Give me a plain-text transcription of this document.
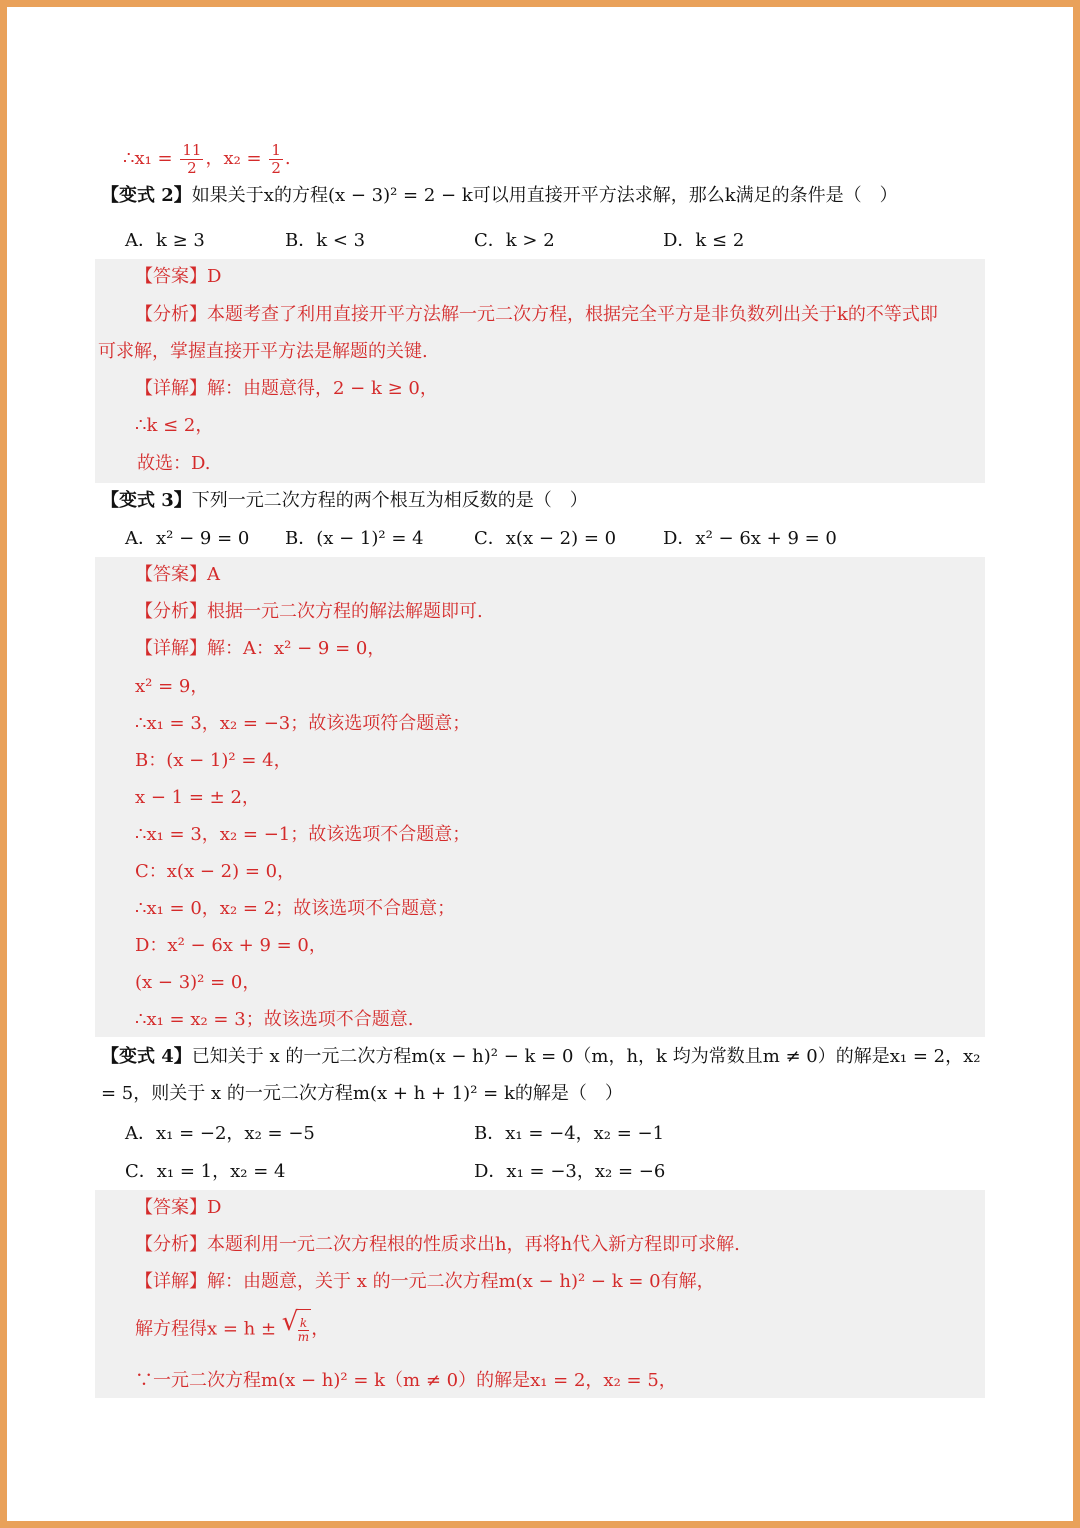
∴x₁ = $\frac{11}{2}$ ，$x_2 = \frac{1}{2}$ .
【变式 2】如果关于x的方程(x − 3)² = 2 − k可以用直接开平方法求解，那么k满足的条件是（　）
A．k ≥ 3	B．k < 3	C．k > 2	D．k ≤ 2
【答案】D
【分析】本题考查了利用直接开平方法解一元二次方程，根据完全平方是非负数列出关于k的不等式即
可求解，掌握直接开平方法是解题的关键.
【详解】解：由题意得，2 − k ≥ 0，
∴k ≤ 2，
故选：D.
【变式 3】下列一元二次方程的两个根互为相反数的是（　）
A．x² − 9 = 0 B．(x − 1)² = 4	C．x(x − 2) = 0	D．x² − 6x + 9 = 0
【答案】A
【分析】根据一元二次方程的解法解题即可.
【详解】解：A：x² − 9 = 0，
x² = 9，
∴x₁ = 3，x₂ = −3；故该选项符合题意；
B：(x − 1)² = 4，
x − 1 = ± 2，
∴x₁ = 3，x₂ = −1；故该选项不合题意；
C：x(x − 2) = 0，
∴x₁ = 0，x₂ = 2；故该选项不合题意；
D：x² − 6x + 9 = 0，
(x − 3)² = 0，
∴x₁ = x₂ = 3；故该选项不合题意.
【变式 4】已知关于 x 的一元二次方程m(x − h)² − k = 0（m，h，k 均为常数且m ≠ 0）的解是x₁ = 2，x₂
= 5，则关于 x 的一元二次方程m(x + h + 1)² = k的解是（　）
A．x₁ = −2，x₂ = −5	B．x₁ = −4，x₂ = −1
C．x₁ = 1，x₂ = 4	D．x₁ = −3，x₂ = −6
【答案】D
【分析】本题利用一元二次方程根的性质求出h，再将h代入新方程即可求解.
【详解】解：由题意，关于 x 的一元二次方程m(x − h)² − k = 0有解，
解方程得x = h ± √ $\frac{k}{m}$ ，
∵一元二次方程m(x − h)² = k（m ≠ 0）的解是x₁ = 2，x₂ = 5，
